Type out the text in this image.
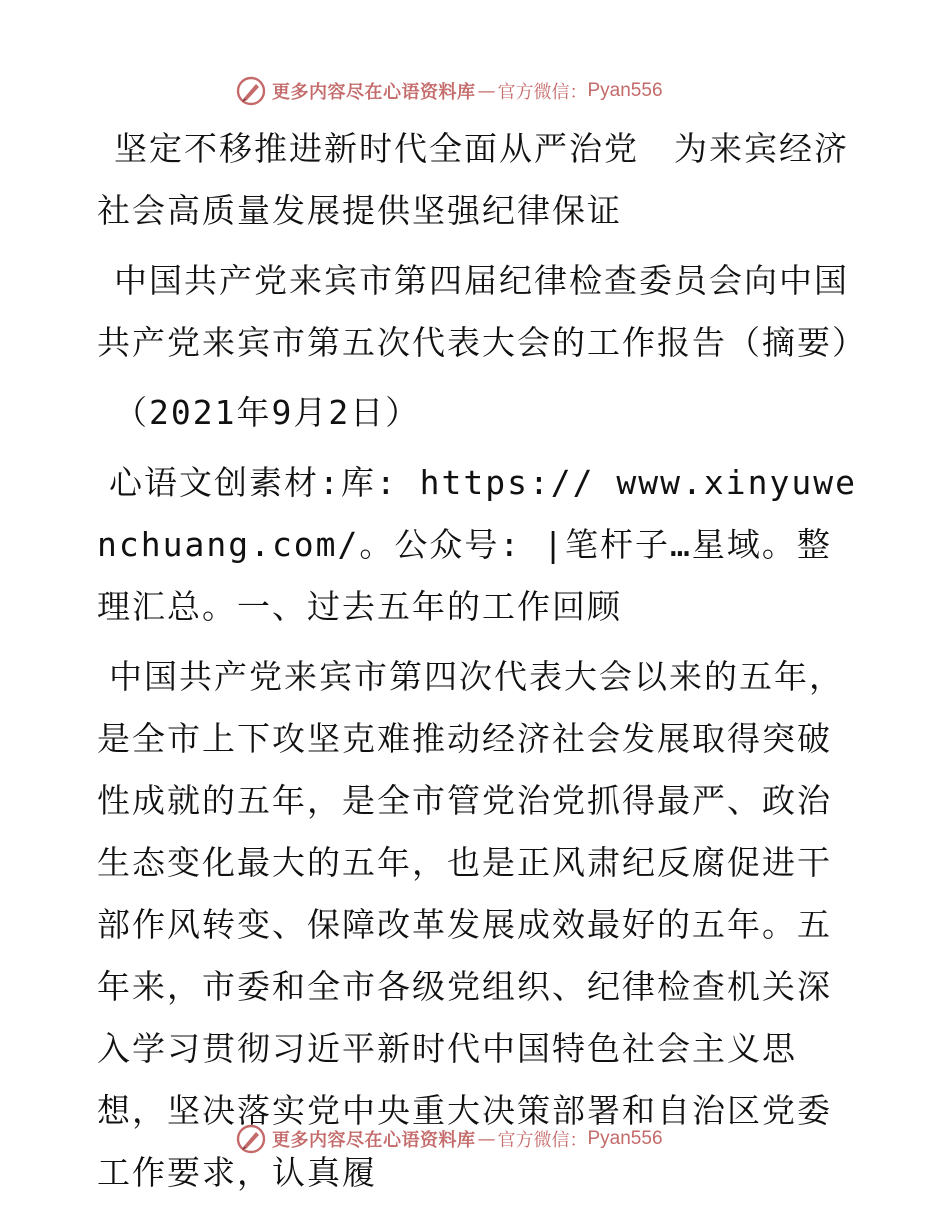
更多内容尽在心语资料库 — 官方微信： Pyan556

坚定不移推进新时代全面从严治党　为来宾经济社会高质量发展提供坚强纪律保证

中国共产党来宾市第四届纪律检查委员会向中国共产党来宾市第五次代表大会的工作报告（摘要）

（2021年9月2日）

心语文创素材:库: https:// www.xinyuwenchuang.com/。公众号: |笔杆子…星域。整理汇总。一、过去五年的工作回顾

中国共产党来宾市第四次代表大会以来的五年，是全市上下攻坚克难推动经济社会发展取得突破性成就的五年，是全市管党治党抓得最严、政治生态变化最大的五年，也是正风肃纪反腐促进干部作风转变、保障改革发展成效最好的五年。五年来，市委和全市各级党组织、纪律检查机关深入学习贯彻习近平新时代中国特色社会主义思想，坚决落实党中央重大决策部署和自治区党委工作要求，认真履

更多内容尽在心语资料库 — 官方微信： Pyan556
